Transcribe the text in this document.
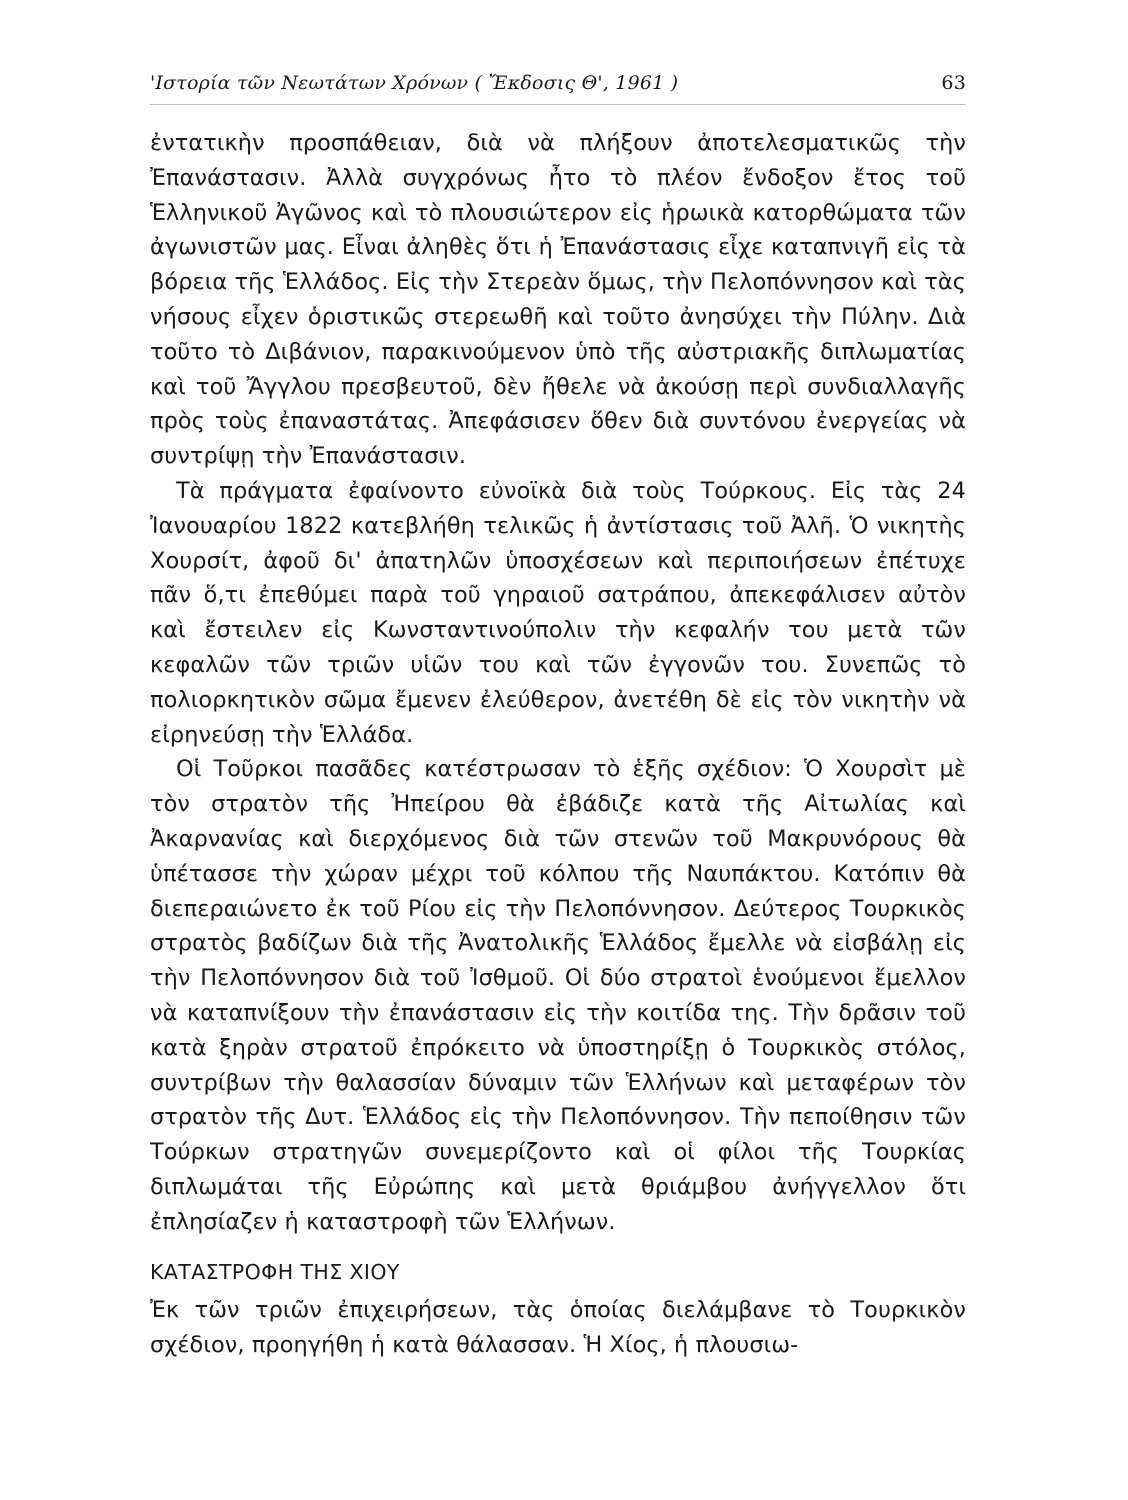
'Ιστορία τῶν Νεωτάτων Χρόνων ( Ἔκδοσις Θ', 1961 )	63

ἐντατικὴν προσπάθειαν, διὰ νὰ πλήξουν ἀποτελεσματικῶς τὴν Ἐπανάστασιν. Ἀλλὰ συγχρόνως ἦτο τὸ πλέον ἔνδοξον ἔτος τοῦ Ἑλληνικοῦ Ἀγῶνος καὶ τὸ πλουσιώτερον εἰς ἡρωικὰ κατορθώματα τῶν ἀγωνιστῶν μας. Εἶναι ἀληθὲς ὅτι ἡ Ἐπανάστασις εἶχε καταπνιγῆ εἰς τὰ βόρεια τῆς Ἑλλάδος. Εἰς τὴν Στερεὰν ὅμως, τὴν Πελοπόννησον καὶ τὰς νήσους εἶχεν ὁριστικῶς στερεωθῆ καὶ τοῦτο ἀνησύχει τὴν Πύλην. Διὰ τοῦτο τὸ Διβάνιον, παρακινούμενον ὑπὸ τῆς αὐστριακῆς διπλωματίας καὶ τοῦ Ἄγγλου πρεσβευτοῦ, δὲν ἤθελε νὰ ἀκούσῃ περὶ συνδιαλλαγῆς πρὸς τοὺς ἐπαναστάτας. Ἀπεφάσισεν ὅθεν διὰ συντόνου ἐνεργείας νὰ συντρίψῃ τὴν Ἐπανάστασιν.

Τὰ πράγματα ἐφαίνοντο εὐνοϊκὰ διὰ τοὺς Τούρκους. Εἰς τὰς 24 Ἰανουαρίου 1822 κατεβλήθη τελικῶς ἡ ἀντίστασις τοῦ Ἀλῆ. Ὁ νικητὴς Χουρσίτ, ἀφοῦ δι' ἀπατηλῶν ὑποσχέσεων καὶ περιποιήσεων ἐπέτυχε πᾶν ὅ,τι ἐπεθύμει παρὰ τοῦ γηραιοῦ σατράπου, ἀπεκεφάλισεν αὐτὸν καὶ ἔστειλεν εἰς Κωνσταντινούπολιν τὴν κεφαλήν του μετὰ τῶν κεφαλῶν τῶν τριῶν υἱῶν του καὶ τῶν ἐγγονῶν του. Συνεπῶς τὸ πολιορκητικὸν σῶμα ἔμενεν ἐλεύθερον, ἀνετέθη δὲ εἰς τὸν νικητὴν νὰ εἰρηνεύσῃ τὴν Ἑλλάδα.

Οἱ Τοῦρκοι πασᾶδες κατέστρωσαν τὸ ἑξῆς σχέδιον: Ὁ Χουρσὶτ μὲ τὸν στρατὸν τῆς Ἠπείρου θὰ ἐβάδιζε κατὰ τῆς Αἰτωλίας καὶ Ἀκαρνανίας καὶ διερχόμενος διὰ τῶν στενῶν τοῦ Μακρυνόρους θὰ ὑπέτασσε τὴν χώραν μέχρι τοῦ κόλπου τῆς Ναυπάκτου. Κατόπιν θὰ διεπεραιώνετο ἐκ τοῦ Ρίου εἰς τὴν Πελοπόννησον. Δεύτερος Τουρκικὸς στρατὸς βαδίζων διὰ τῆς Ἀνατολικῆς Ἑλλάδος ἔμελλε νὰ εἰσβάλῃ εἰς τὴν Πελοπόννησον διὰ τοῦ Ἰσθμοῦ. Οἱ δύο στρατοὶ ἑνούμενοι ἔμελλον νὰ καταπνίξουν τὴν ἐπανάστασιν εἰς τὴν κοιτίδα της. Τὴν δρᾶσιν τοῦ κατὰ ξηρὰν στρατοῦ ἐπρόκειτο νὰ ὑποστηρίξῃ ὁ Τουρκικὸς στόλος, συντρίβων τὴν θαλασσίαν δύναμιν τῶν Ἑλλήνων καὶ μεταφέρων τὸν στρατὸν τῆς Δυτ. Ἑλλάδος εἰς τὴν Πελοπόννησον. Τὴν πεποίθησιν τῶν Τούρκων στρατηγῶν συνεμερίζοντο καὶ οἱ φίλοι τῆς Τουρκίας διπλωμάται τῆς Εὐρώπης καὶ μετὰ θριάμβου ἀνήγγελλον ὅτι ἐπλησίαζεν ἡ καταστροφὴ τῶν Ἑλλήνων.

ΚΑΤΑΣΤΡΟΦΗ ΤΗΣ ΧΙΟΥ

Ἐκ τῶν τριῶν ἐπιχειρήσεων, τὰς ὁποίας διελάμβανε τὸ Τουρκικὸν σχέδιον, προηγήθη ἡ κατὰ θάλασσαν. Ἡ Χίος, ἡ πλουσιω-
